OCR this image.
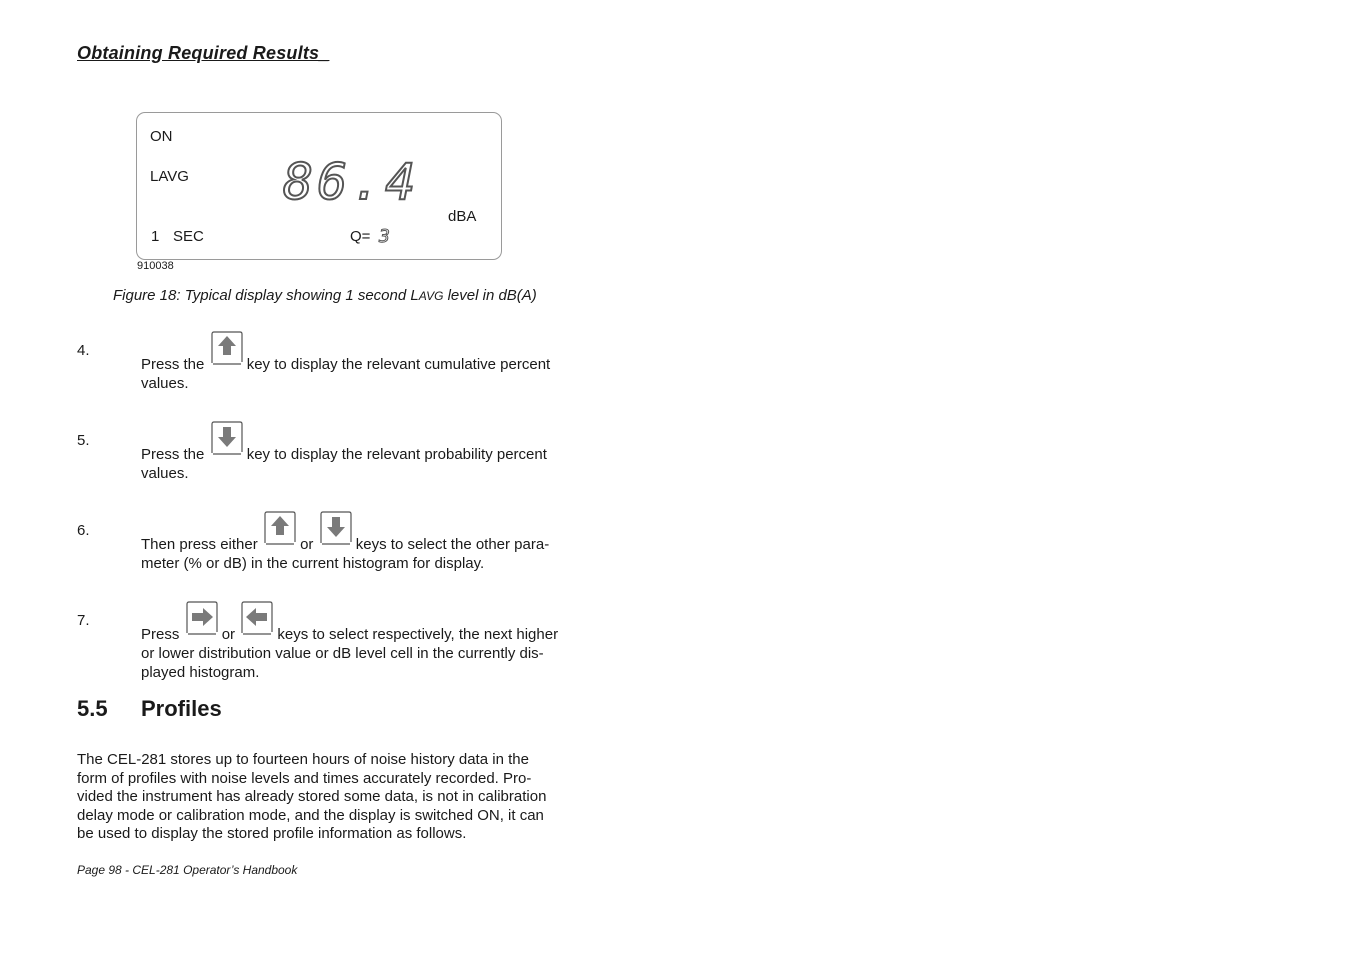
Obtaining Required Results_
ON
LAVG 86.4
dBA
1 SEC	Q= 3
910038
Figure 18: Typical display showing 1 second LAVG level in dB(A)
4.
Press the	key to display the relevant cumulative percent
values.
5.
Press the	key to display the relevant probability percent
values.
6.
Then press either	or	keys to select the other para-
meter (% or dB) in the current histogram for display.
7.
Press	or	keys to select respectively, the next higher
or lower distribution value or dB level cell in the currently dis-
played histogram.
5.5 Profiles
The CEL-281 stores up to fourteen hours of noise history data in the
form of profiles with noise levels and times accurately recorded. Pro-
vided the instrument has already stored some data, is not in calibration
delay mode or calibration mode, and the display is switched ON, it can
be used to display the stored profile information as follows.
Page 98 - CEL-281 Operator’s Handbook
